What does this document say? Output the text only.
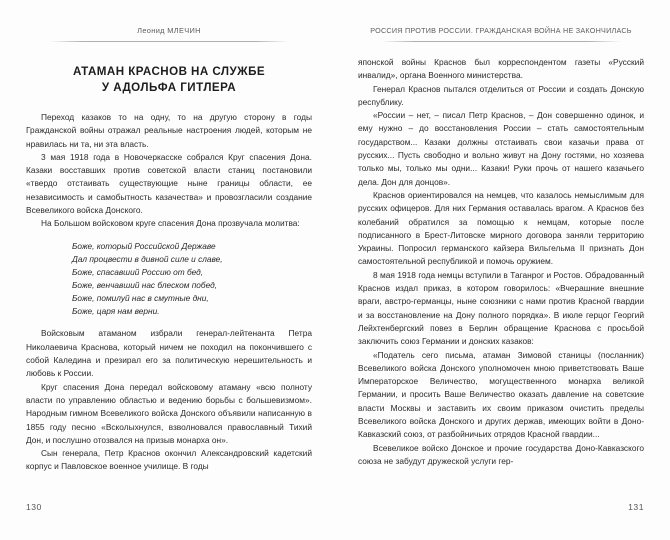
Леонид МЛЕЧИН
АТАМАН КРАСНОВ НА СЛУЖБЕ
У АДОЛЬФА ГИТЛЕРА

Переход казаков то на одну, то на другую сторону в годы Гражданской войны отражал реальные настроения людей, которым не нравилась ни та, ни эта власть.

3 мая 1918 года в Новочеркасске собрался Круг спасения Дона. Казаки восставших против советской власти станиц постановили «твердо отстаивать существующие ныне границы области, ее независимость и самобытность казачества» и провозгласили создание Всевеликого войска Донского.

На Большом войсковом круге спасения Дона прозвучала молитва:

Боже, который Российской Державе
Дал процвести в дивной силе и славе,
Боже, спасавший Россию от бед,
Боже, венчавший нас блеском побед,
Боже, помилуй нас в смутные дни,
Боже, царя нам верни.

Войсковым атаманом избрали генерал-лейтенанта Петра Николаевича Краснова, который ничем не походил на покончившего с собой Каледина и презирал его за политическую нерешительность и любовь к России.

Круг спасения Дона передал войсковому атаману «всю полноту власти по управлению областью и ведению борьбы с большевизмом». Народным гимном Всевеликого войска Донского объявили написанную в 1855 году песню «Всколыхнулся, взволновался православный Тихий Дон, и послушно отозвался на призыв монарха он».

Сын генерала, Петр Краснов окончил Александровский кадетский корпус и Павловское военное училище. В годы

130
РОССИЯ ПРОТИВ РОССИИ. ГРАЖДАНСКАЯ ВОЙНА НЕ ЗАКОНЧИЛАСЬ

японской войны Краснов был корреспондентом газеты «Русский инвалид», органа Военного министерства.

Генерал Краснов пытался отделиться от России и создать Донскую республику.

«России – нет, – писал Петр Краснов, – Дон совершенно одинок, и ему нужно – до восстановления России – стать самостоятельным государством... Казаки должны отстаивать свои казачьи права от русских... Пусть свободно и вольно живут на Дону гостями, но хозяева только мы, только мы одни... Казаки! Руки прочь от нашего казачьего дела. Дон для донцов».

Краснов ориентировался на немцев, что казалось немыслимым для русских офицеров. Для них Германия оставалась врагом. А Краснов без колебаний обратился за помощью к немцам, которые после подписанного в Брест-Литовске мирного договора заняли территорию Украины. Попросил германского кайзера Вильгельма II признать Дон самостоятельной республикой и помочь оружием.

8 мая 1918 года немцы вступили в Таганрог и Ростов. Обрадованный Краснов издал приказ, в котором говорилось: «Вчерашние внешние враги, австро-германцы, ныне союзники с нами против Красной гвардии и за восстановление на Дону полного порядка». В июле герцог Георгий Лейхтенбергский повез в Берлин обращение Краснова с просьбой заключить союз Германии и донских казаков:

«Податель сего письма, атаман Зимовой станицы (посланник) Всевеликого войска Донского уполномочен мною приветствовать Ваше Императорское Величество, могущественного монарха великой Германии, и просить Ваше Величество оказать давление на советские власти Москвы и заставить их своим приказом очистить пределы Всевеликого войска Донского и других держав, имеющих войти в Доно-Кавказский союз, от разбойничьих отрядов Красной гвардии...

Всевеликое войско Донское и прочие государства Доно-Кавказского союза не забудут дружеской услуги гер-

131
